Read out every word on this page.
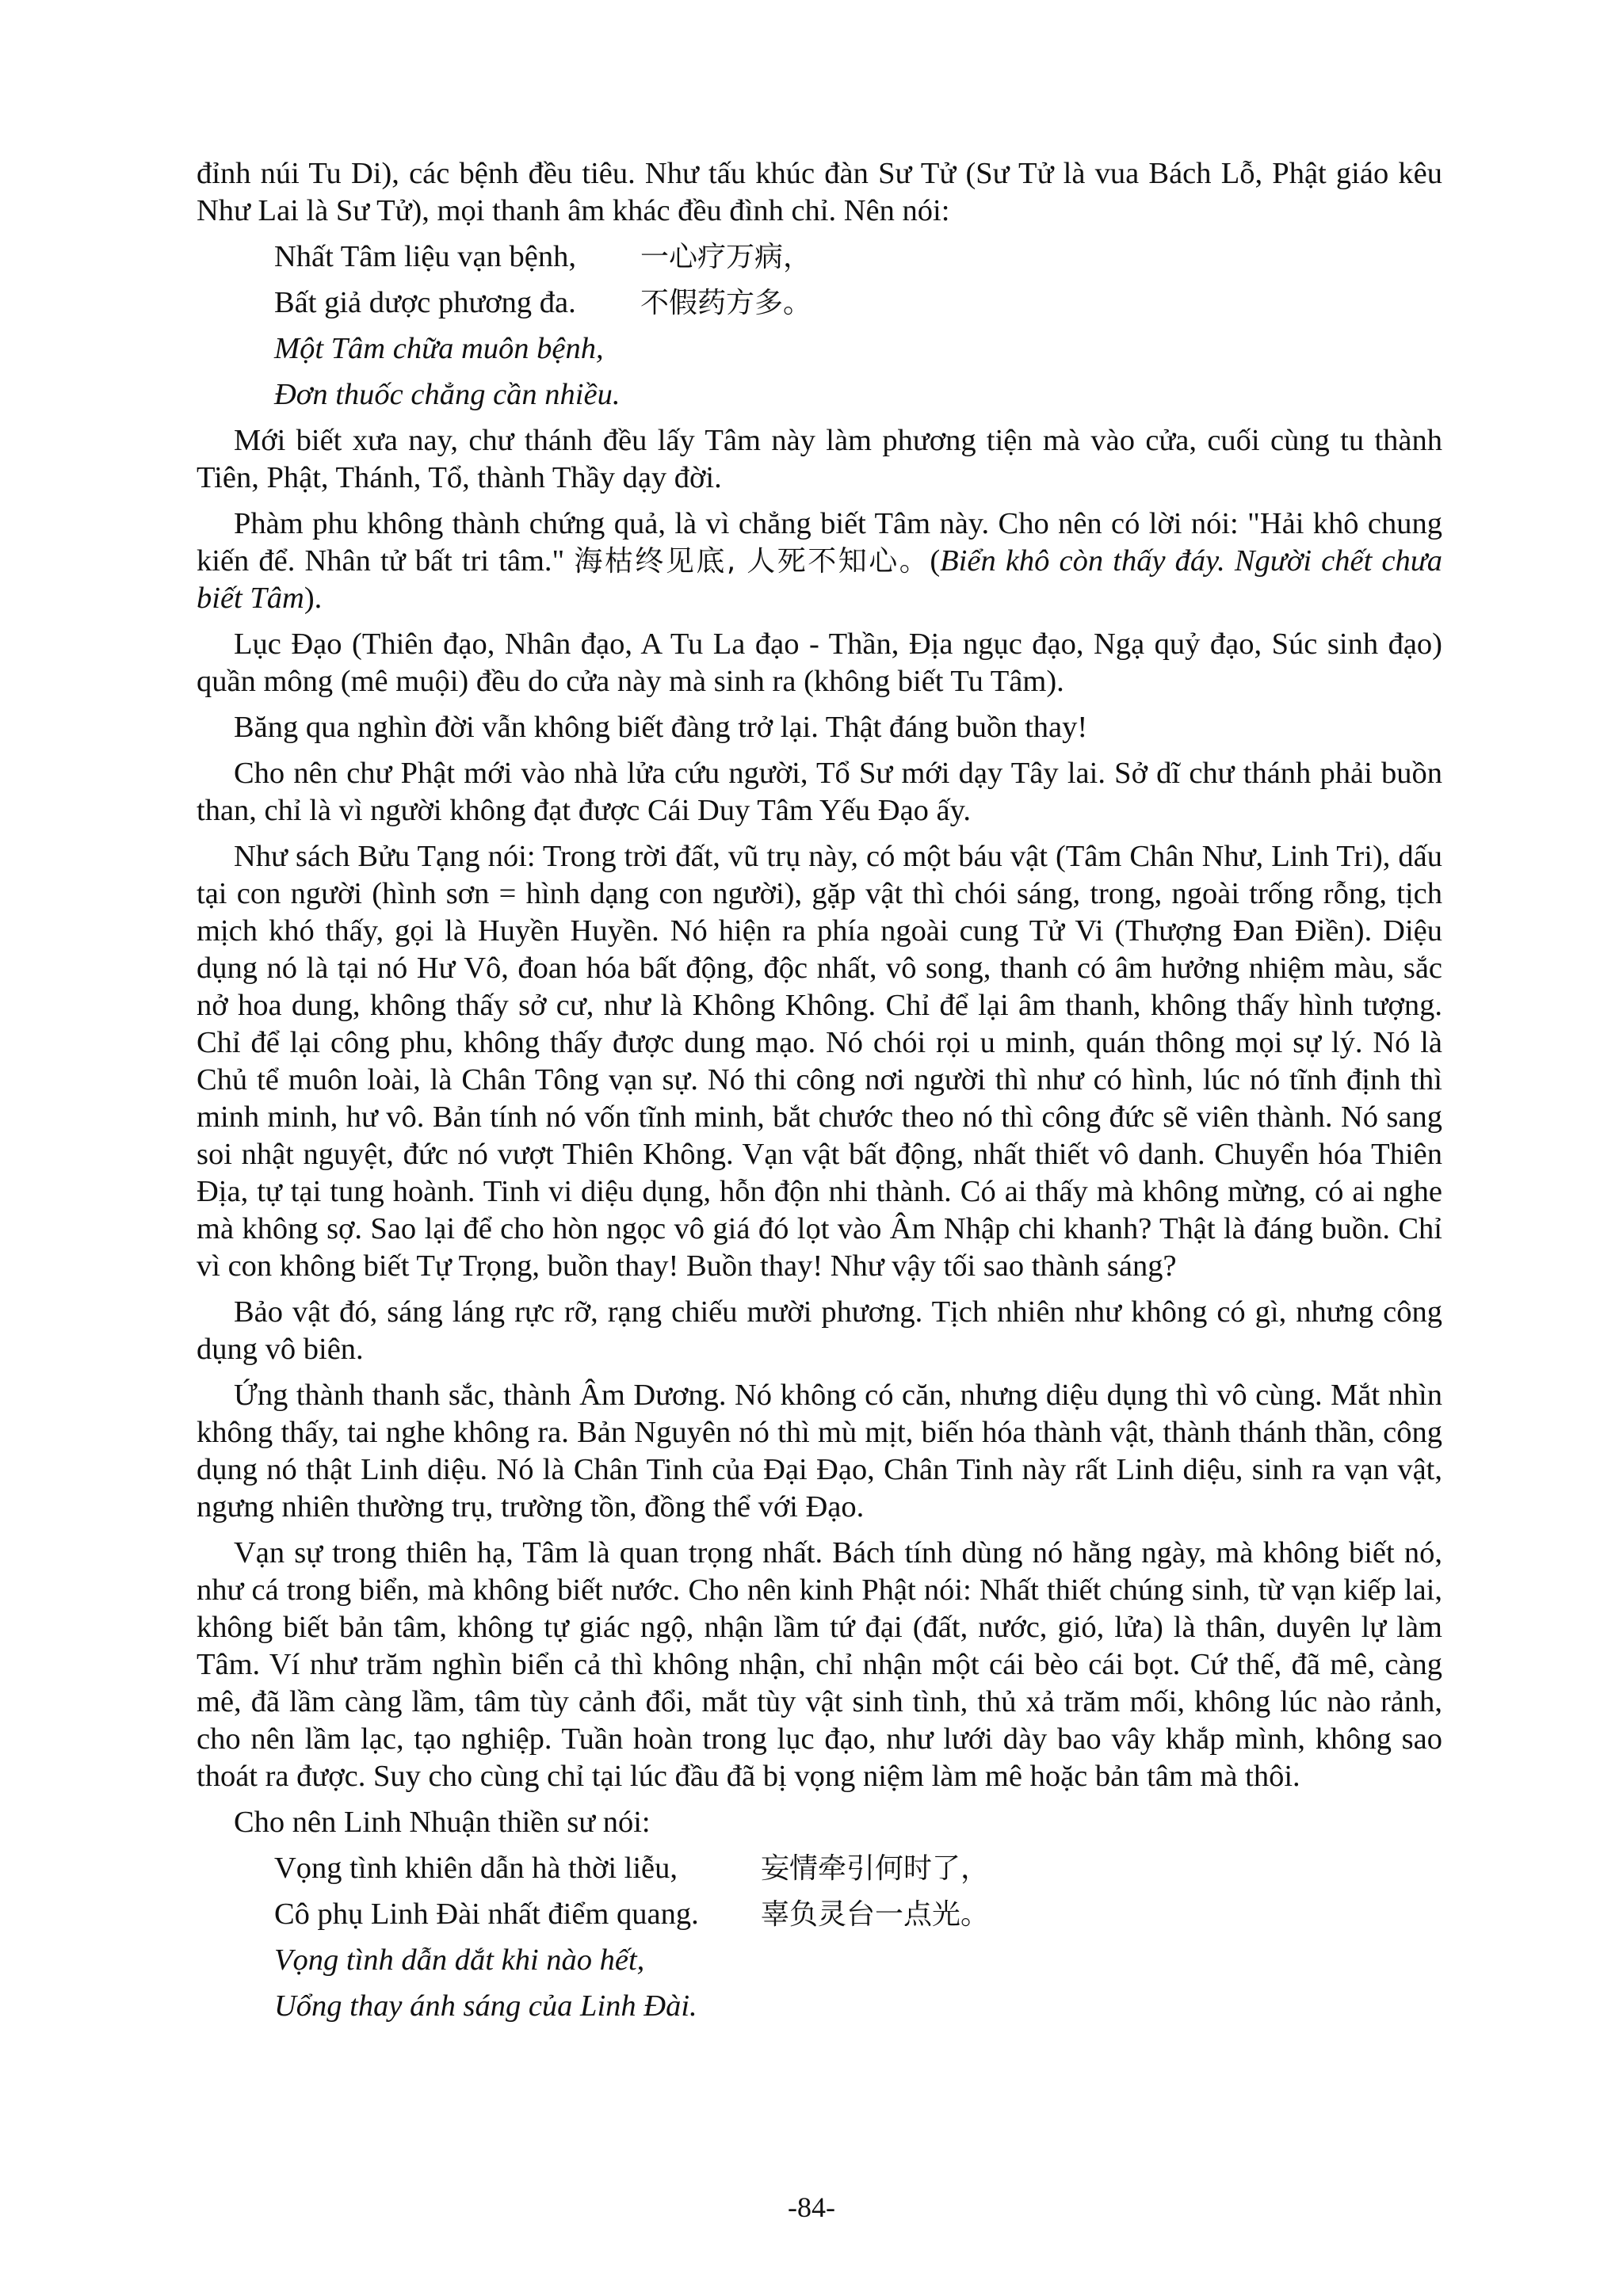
đỉnh núi Tu Di), các bệnh đều tiêu. Như tấu khúc đàn Sư Tử (Sư Tử là vua Bách Lỗ, Phật giáo kêu Như Lai là Sư Tử), mọi thanh âm khác đều đình chỉ. Nên nói:

Nhất Tâm liệu vạn bệnh,	一心疗万病，
Bất giả dược phương đa.	不假药方多。
Một Tâm chữa muôn bệnh,
Đơn thuốc chẳng cần nhiều.

Mới biết xưa nay, chư thánh đều lấy Tâm này làm phương tiện mà vào cửa, cuối cùng tu thành Tiên, Phật, Thánh, Tổ, thành Thầy dạy đời.

Phàm phu không thành chứng quả, là vì chẳng biết Tâm này. Cho nên có lời nói: "Hải khô chung kiến để. Nhân tử bất tri tâm." 海枯终见底, 人死不知心。(Biển khô còn thấy đáy. Người chết chưa biết Tâm).

Lục Đạo (Thiên đạo, Nhân đạo, A Tu La đạo - Thần, Địa ngục đạo, Ngạ quỷ đạo, Súc sinh đạo) quần mông (mê muội) đều do cửa này mà sinh ra (không biết Tu Tâm).

Băng qua nghìn đời vẫn không biết đàng trở lại. Thật đáng buồn thay!

Cho nên chư Phật mới vào nhà lửa cứu người, Tổ Sư mới dạy Tây lai. Sở dĩ chư thánh phải buồn than, chỉ là vì người không đạt được Cái Duy Tâm Yếu Đạo ấy.

Như sách Bửu Tạng nói: Trong trời đất, vũ trụ này, có một báu vật (Tâm Chân Như, Linh Tri), dấu tại con người (hình sơn = hình dạng con người), gặp vật thì chói sáng, trong, ngoài trống rỗng, tịch mịch khó thấy, gọi là Huyền Huyền. Nó hiện ra phía ngoài cung Tử Vi (Thượng Đan Điền). Diệu dụng nó là tại nó Hư Vô, đoan hóa bất động, độc nhất, vô song, thanh có âm hưởng nhiệm màu, sắc nở hoa dung, không thấy sở cư, như là Không Không. Chỉ để lại âm thanh, không thấy hình tượng. Chỉ để lại công phu, không thấy được dung mạo. Nó chói rọi u minh, quán thông mọi sự lý. Nó là Chủ tể muôn loài, là Chân Tông vạn sự. Nó thi công nơi người thì như có hình, lúc nó tĩnh định thì minh minh, hư vô. Bản tính nó vốn tĩnh minh, bắt chước theo nó thì công đức sẽ viên thành. Nó sang soi nhật nguyệt, đức nó vượt Thiên Không. Vạn vật bất động, nhất thiết vô danh. Chuyển hóa Thiên Địa, tự tại tung hoành. Tinh vi diệu dụng, hỗn độn nhi thành. Có ai thấy mà không mừng, có ai nghe mà không sợ. Sao lại để cho hòn ngọc vô giá đó lọt vào Âm Nhập chi khanh? Thật là đáng buồn. Chỉ vì con không biết Tự Trọng, buồn thay! Buồn thay! Như vậy tối sao thành sáng?

Bảo vật đó, sáng láng rực rỡ, rạng chiếu mười phương. Tịch nhiên như không có gì, nhưng công dụng vô biên.

Ứng thành thanh sắc, thành Âm Dương. Nó không có căn, nhưng diệu dụng thì vô cùng. Mắt nhìn không thấy, tai nghe không ra. Bản Nguyên nó thì mù mịt, biến hóa thành vật, thành thánh thần, công dụng nó thật Linh diệu. Nó là Chân Tinh của Đại Đạo, Chân Tinh này rất Linh diệu, sinh ra vạn vật, ngưng nhiên thường trụ, trường tồn, đồng thể với Đạo.

Vạn sự trong thiên hạ, Tâm là quan trọng nhất. Bách tính dùng nó hằng ngày, mà không biết nó, như cá trong biển, mà không biết nước. Cho nên kinh Phật nói: Nhất thiết chúng sinh, từ vạn kiếp lai, không biết bản tâm, không tự giác ngộ, nhận lầm tứ đại (đất, nước, gió, lửa) là thân, duyên lự làm Tâm. Ví như trăm nghìn biển cả thì không nhận, chỉ nhận một cái bèo cái bọt. Cứ thế, đã mê, càng mê, đã lầm càng lầm, tâm tùy cảnh đổi, mắt tùy vật sinh tình, thủ xả trăm mối, không lúc nào rảnh, cho nên lầm lạc, tạo nghiệp. Tuần hoàn trong lục đạo, như lưới dày bao vây khắp mình, không sao thoát ra được. Suy cho cùng chỉ tại lúc đầu đã bị vọng niệm làm mê hoặc bản tâm mà thôi.

Cho nên Linh Nhuận thiền sư nói:

Vọng tình khiên dẫn hà thời liễu,	妄情牵引何时了，
Cô phụ Linh Đài nhất điểm quang.	辜负灵台一点光。
Vọng tình dẫn dắt khi nào hết,
Uổng thay ánh sáng của Linh Đài.
-84-
